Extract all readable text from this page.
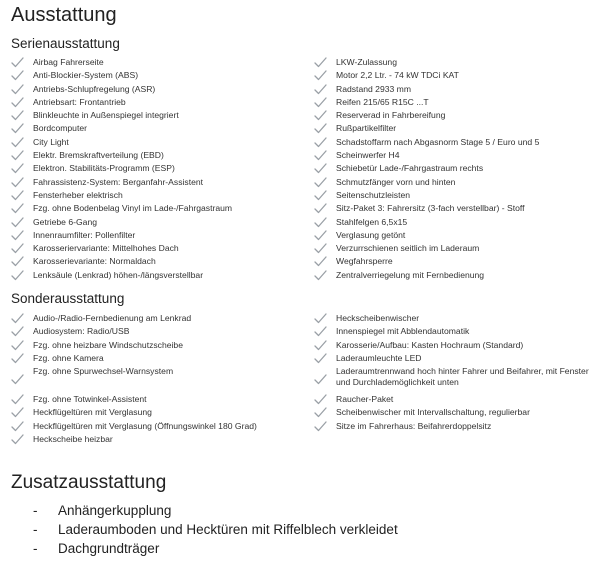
Ausstattung
Serienausstattung
Airbag Fahrerseite
Anti-Blockier-System (ABS)
Antriebs-Schlupfregelung (ASR)
Antriebsart: Frontantrieb
Blinkleuchte in Außenspiegel integriert
Bordcomputer
City Light
Elektr. Bremskraftverteilung (EBD)
Elektron. Stabilitäts-Programm (ESP)
Fahrassistenz-System: Berganfahr-Assistent
Fensterheber elektrisch
Fzg. ohne Bodenbelag Vinyl im Lade-/Fahrgastraum
Getriebe 6-Gang
Innenraumfilter: Pollenfilter
Karosseriervariante: Mittelhohes Dach
Karosserievariante: Normaldach
Lenksäule (Lenkrad) höhen-/längsverstellbar
LKW-Zulassung
Motor 2,2 Ltr. - 74 kW TDCi KAT
Radstand 2933 mm
Reifen 215/65 R15C ...T
Reserverad in Fahrbereifung
Rußpartikelfilter
Schadstoffarm nach Abgasnorm Stage 5 / Euro und 5
Scheinwerfer H4
Schiebetür Lade-/Fahrgastraum rechts
Schmutzfänger vorn und hinten
Seitenschutzleisten
Sitz-Paket 3: Fahrersitz (3-fach verstellbar) - Stoff
Stahlfelgen 6,5x15
Verglasung getönt
Verzurrschienen seitlich im Laderaum
Wegfahrsperre
Zentralverriegelung mit Fernbedienung
Sonderausstattung
Audio-/Radio-Fernbedienung am Lenkrad
Audiosystem: Radio/USB
Fzg. ohne heizbare Windschutzscheibe
Fzg. ohne Kamera
Fzg. ohne Spurwechsel-Warnsystem
Fzg. ohne Totwinkel-Assistent
Heckflügeltüren mit Verglasung
Heckflügeltüren mit Verglasung (Öffnungswinkel 180 Grad)
Heckscheibe heizbar
Heckscheibenwischer
Innenspiegel mit Abblendautomatik
Karosserie/Aufbau: Kasten Hochraum (Standard)
Laderaumleuchte LED
Laderaumtrennwand hoch hinter Fahrer und Beifahrer, mit Fenster und Durchlademöglichkeit unten
Raucher-Paket
Scheibenwischer mit Intervallschaltung, regulierbar
Sitze im Fahrerhaus: Beifahrerdoppelsitz
Zusatzausstattung
- Anhängerkupplung
- Laderaumboden und Hecktüren mit Riffelblech verkleidet
- Dachgrundträger
